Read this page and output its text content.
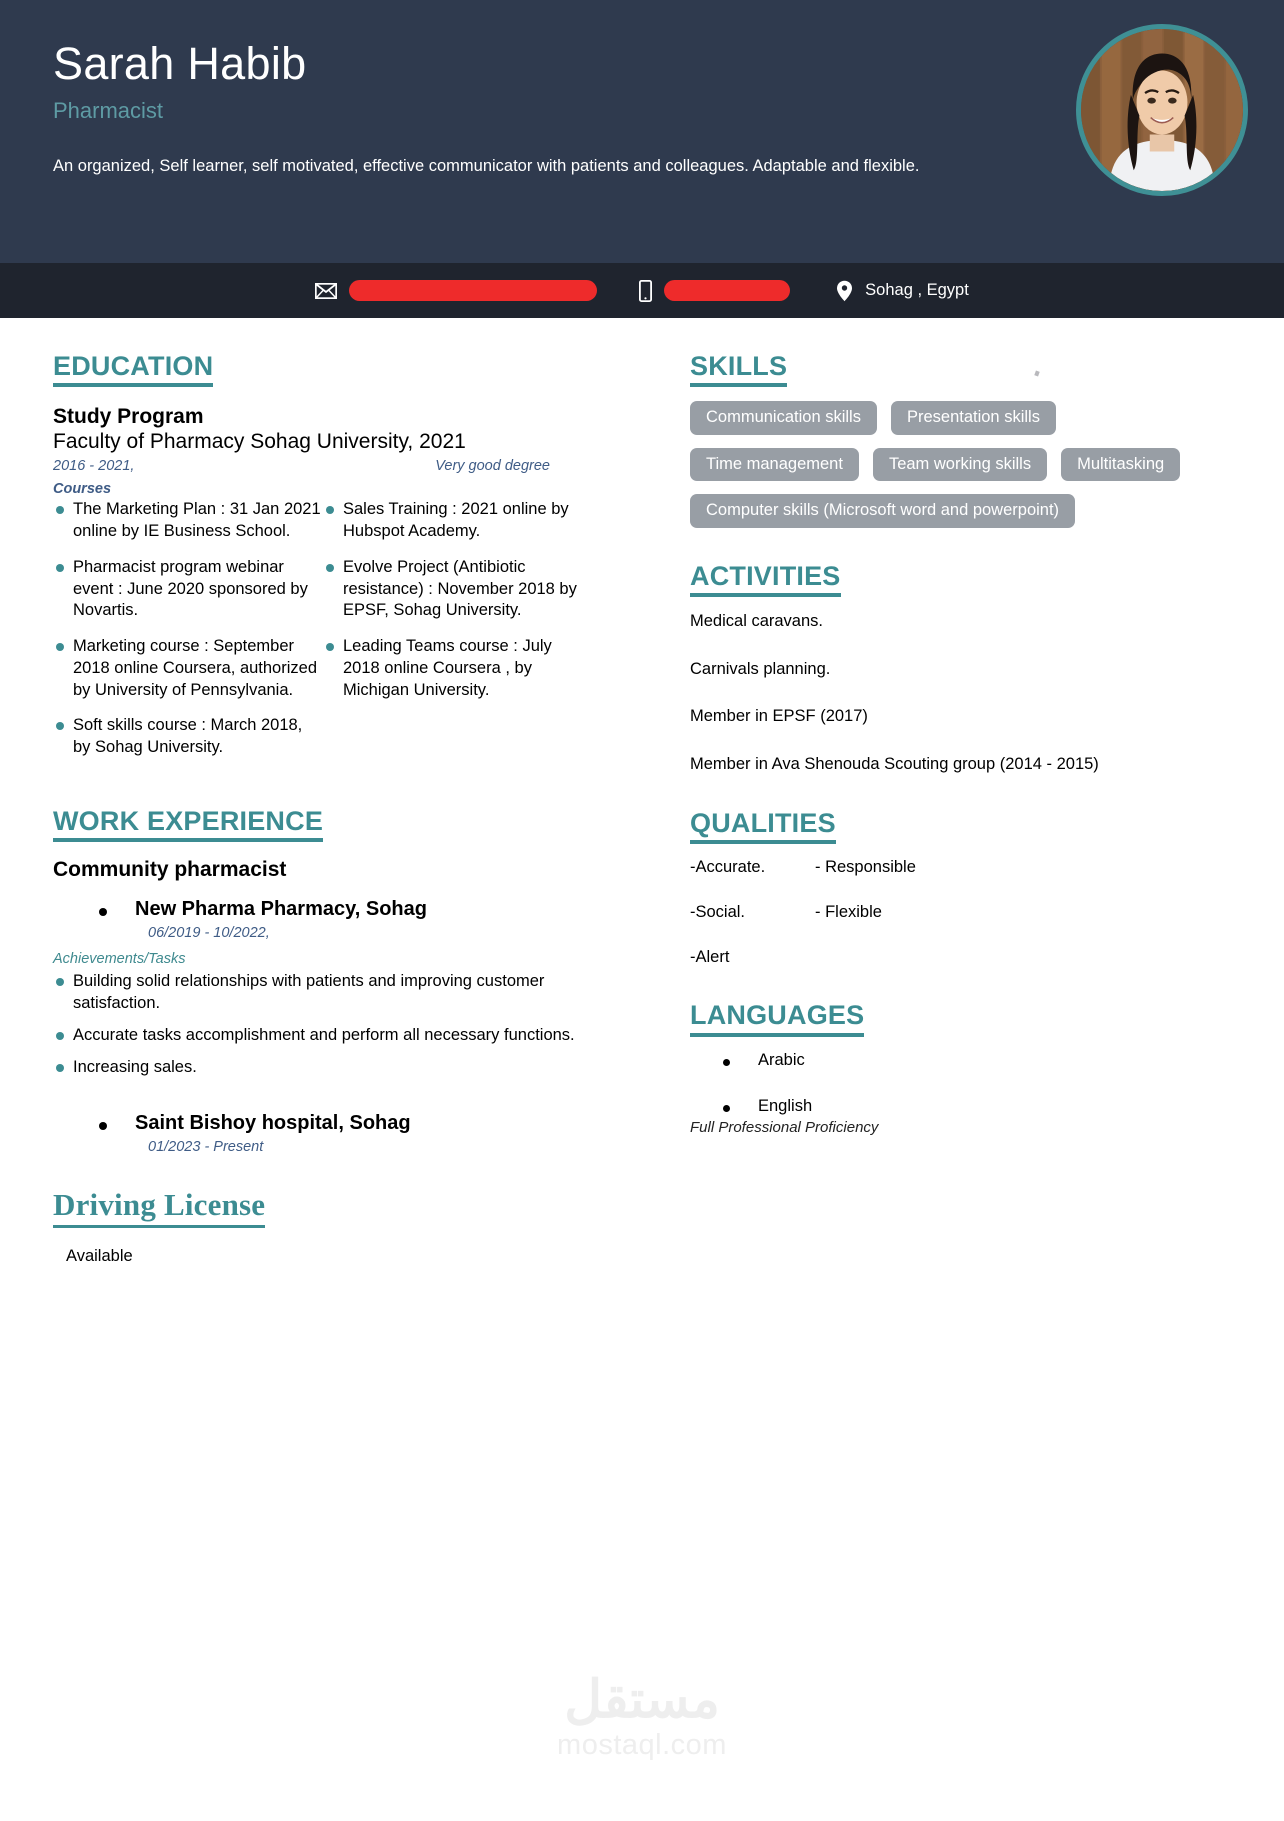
Sarah Habib
Pharmacist
An organized, Self learner, self motivated, effective communicator with patients and colleagues. Adaptable and flexible.
Sohag , Egypt
EDUCATION
Study Program
Faculty of Pharmacy Sohag University, 2021
2016 - 2021,	Very good degree
Courses
The Marketing Plan : 31 Jan 2021 online by IE Business School.
Pharmacist program webinar event : June 2020 sponsored by Novartis.
Marketing course : September 2018 online Coursera, authorized by University of Pennsylvania.
Soft skills course : March 2018, by Sohag University.
Sales Training : 2021 online by Hubspot Academy.
Evolve Project (Antibiotic resistance) : November 2018 by EPSF, Sohag University.
Leading Teams course : July 2018 online Coursera , by Michigan University.
WORK EXPERIENCE
Community pharmacist
New Pharma Pharmacy, Sohag
06/2019 - 10/2022,
Achievements/Tasks
Building solid relationships with patients and improving customer satisfaction.
Accurate tasks accomplishment and perform all necessary functions.
Increasing sales.
Saint Bishoy hospital, Sohag
01/2023 - Present
Driving License
Available
SKILLS
Communication skills	Presentation skills
Time management	Team working skills	Multitasking
Computer skills (Microsoft word and powerpoint)
ACTIVITIES
Medical caravans.
Carnivals planning.
Member in EPSF (2017)
Member in Ava Shenouda Scouting group (2014 - 2015)
QUALITIES
-Accurate.	- Responsible
-Social.	- Flexible
-Alert
LANGUAGES
Arabic
English
Full Professional Proficiency
مستقل
mostaql.com
